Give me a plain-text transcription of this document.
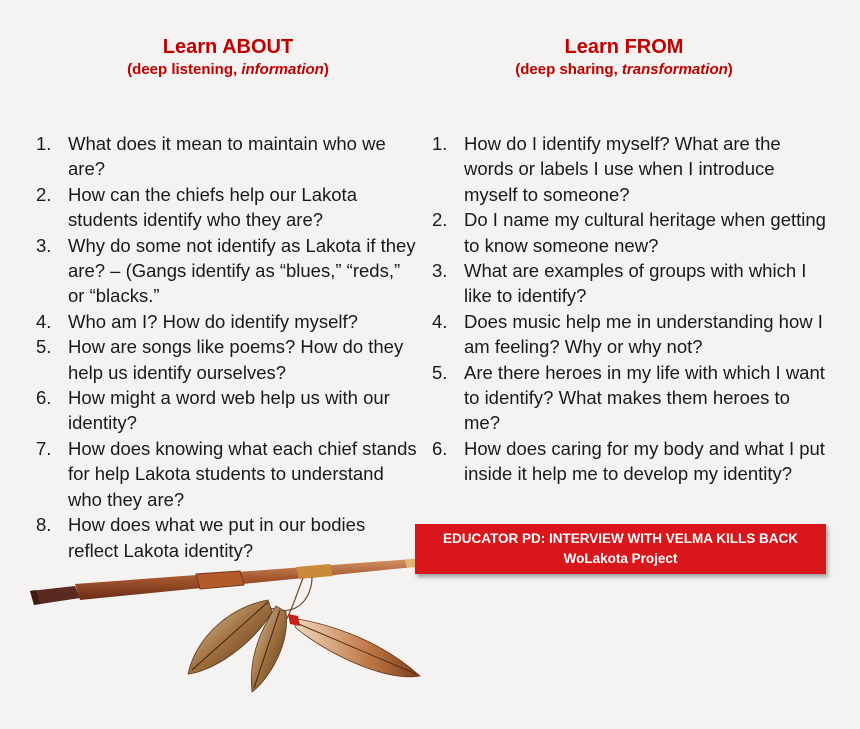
Learn ABOUT
(deep listening, information)
Learn FROM
(deep sharing, transformation)
1. What does it mean to maintain who we are?
2. How can the chiefs help our Lakota students identify who they are?
3. Why do some not identify as Lakota if they are? – (Gangs identify as “blues,” “reds,” or “blacks.”
4. Who am I? How do identify myself?
5. How are songs like poems? How do they help us identify ourselves?
6. How might a word web help us with our identity?
7. How does knowing what each chief stands for help Lakota students to understand who they are?
8. How does what we put in our bodies reflect Lakota identity?
1. How do I identify myself? What are the words or labels I use when I introduce myself to someone?
2. Do I name my cultural heritage when getting to know someone new?
3. What are examples of groups with which I like to identify?
4. Does music help me in understanding how I am feeling? Why or why not?
5. Are there heroes in my life with which I want to identify? What makes them heroes to me?
6. How does caring for my body and what I put inside it help me to develop my identity?
EDUCATOR PD: INTERVIEW WITH VELMA KILLS BACK
WoLakota Project
